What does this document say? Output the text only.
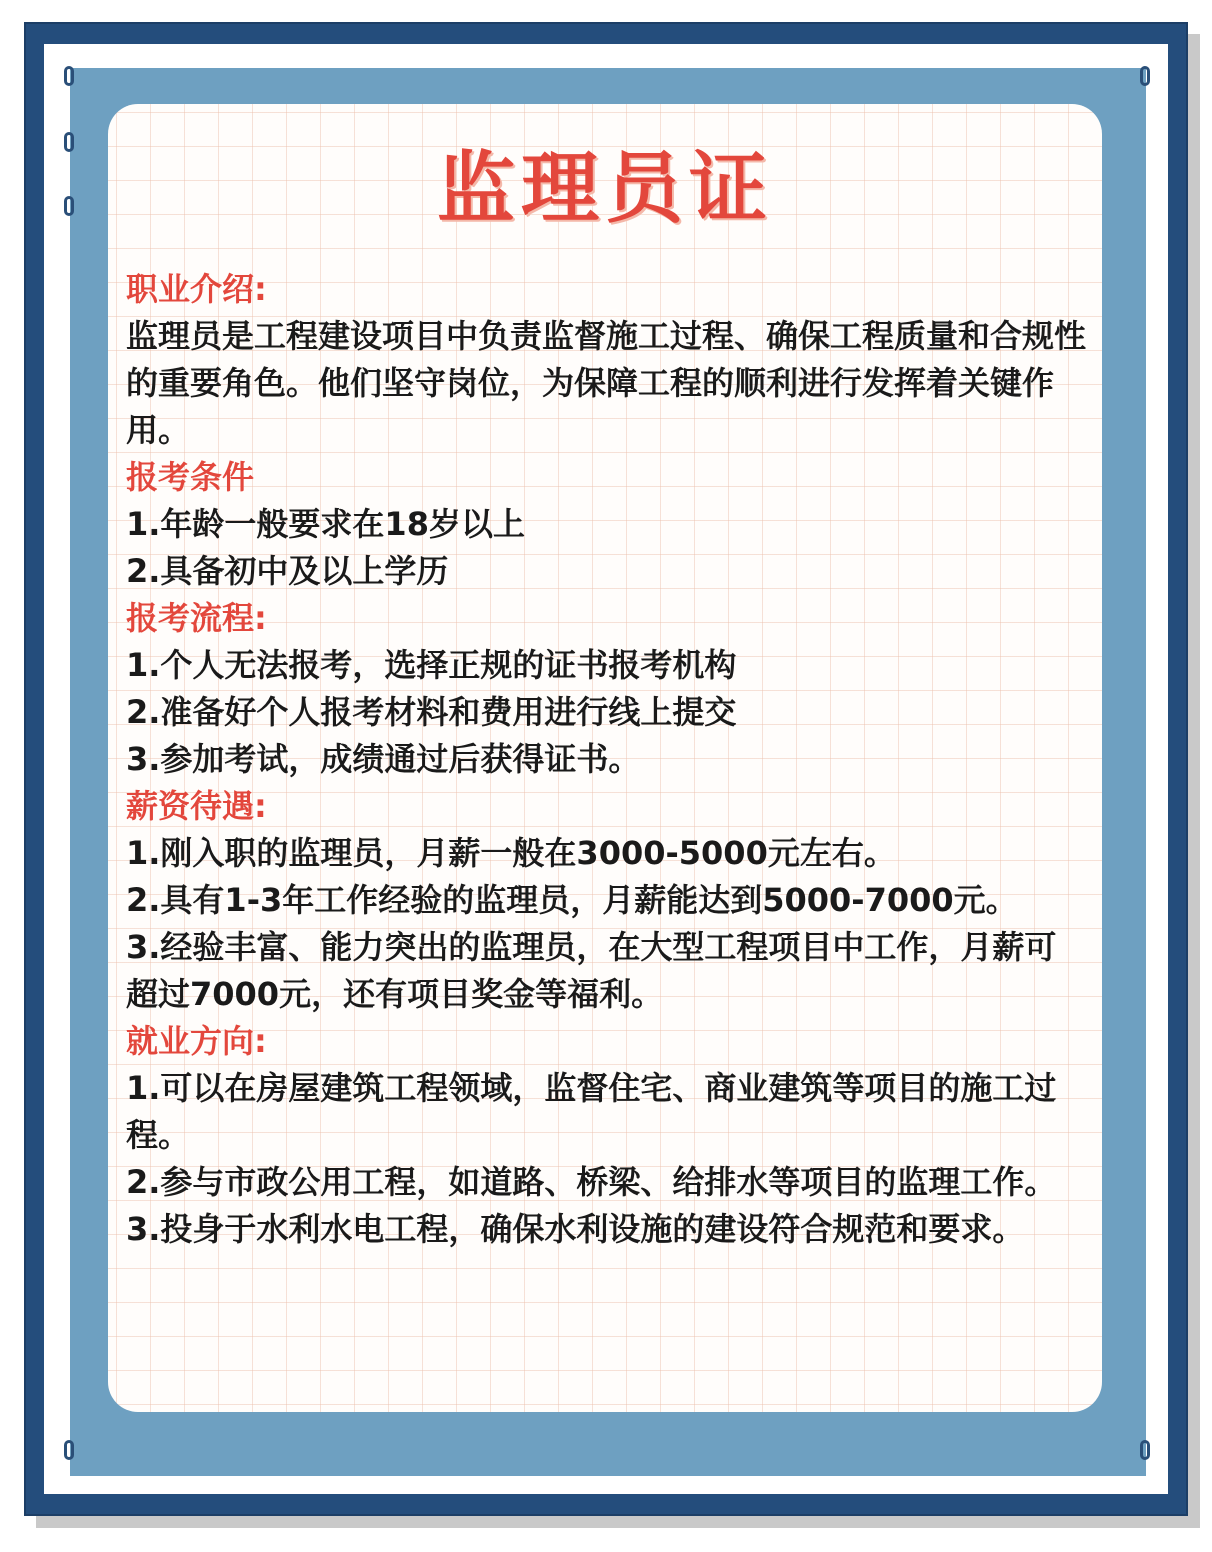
监理员证
职业介绍:
监理员是工程建设项目中负责监督施工过程、确保工程质量和合规性的重要角色。他们坚守岗位，为保障工程的顺利进行发挥着关键作用。
报考条件
1.年龄一般要求在18岁以上
2.具备初中及以上学历
报考流程:
1.个人无法报考，选择正规的证书报考机构
2.准备好个人报考材料和费用进行线上提交
3.参加考试，成绩通过后获得证书。
薪资待遇:
1.刚入职的监理员，月薪一般在3000-5000元左右。
2.具有1-3年工作经验的监理员，月薪能达到5000-7000元。
3.经验丰富、能力突出的监理员，在大型工程项目中工作，月薪可超过7000元，还有项目奖金等福利。
就业方向:
1.可以在房屋建筑工程领域，监督住宅、商业建筑等项目的施工过程。
2.参与市政公用工程，如道路、桥梁、给排水等项目的监理工作。
3.投身于水利水电工程，确保水利设施的建设符合规范和要求。
